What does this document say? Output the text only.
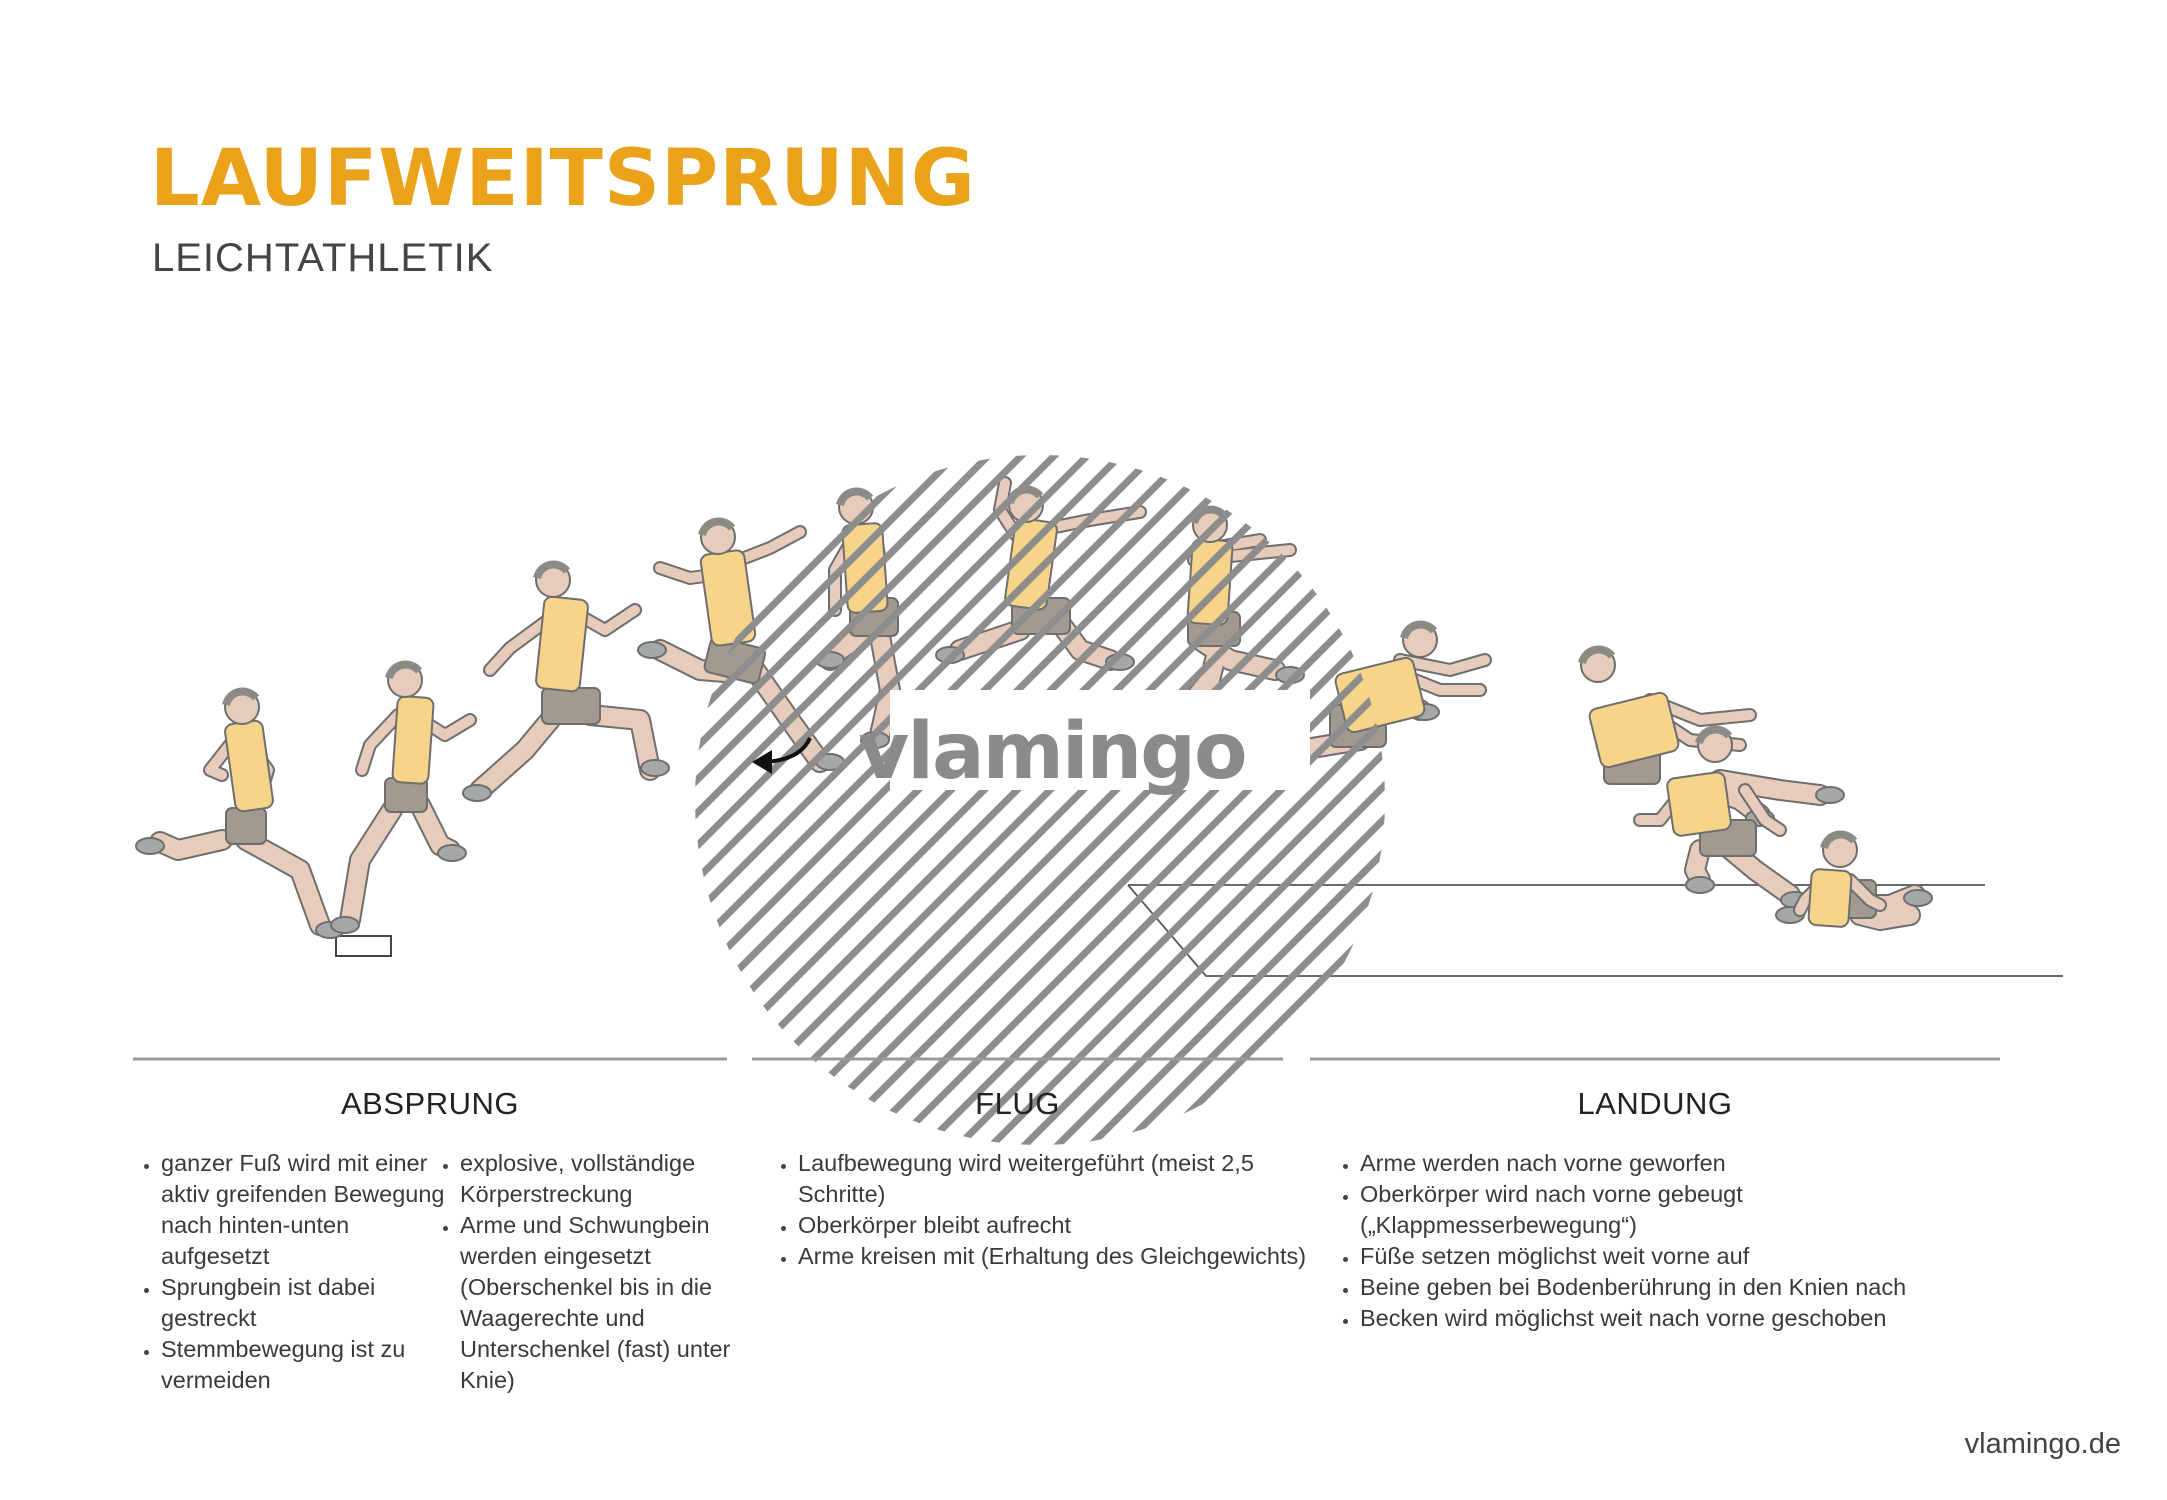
LAUFWEITSPRUNG
LEICHTATHLETIK
vlamingo
ABSPRUNG	FLUG	LANDUNG
• ganzer Fuß wird mit einer aktiv greifenden Bewegung nach hinten-unten aufgesetzt
• Sprungbein ist dabei gestreckt
• Stemmbewegung ist zu vermeiden
• explosive, vollständige Körperstreckung
• Arme und Schwungbein werden eingesetzt (Oberschenkel bis in die Waagerechte und Unterschenkel (fast) unter Knie)
• Laufbewegung wird weitergeführt (meist 2,5 Schritte)
• Oberkörper bleibt aufrecht
• Arme kreisen mit (Erhaltung des Gleichgewichts)
• Arme werden nach vorne geworfen
• Oberkörper wird nach vorne gebeugt („Klappmesserbewegung“)
• Füße setzen möglichst weit vorne auf
• Beine geben bei Bodenberührung in den Knien nach
• Becken wird möglichst weit nach vorne geschoben
vlamingo.de
